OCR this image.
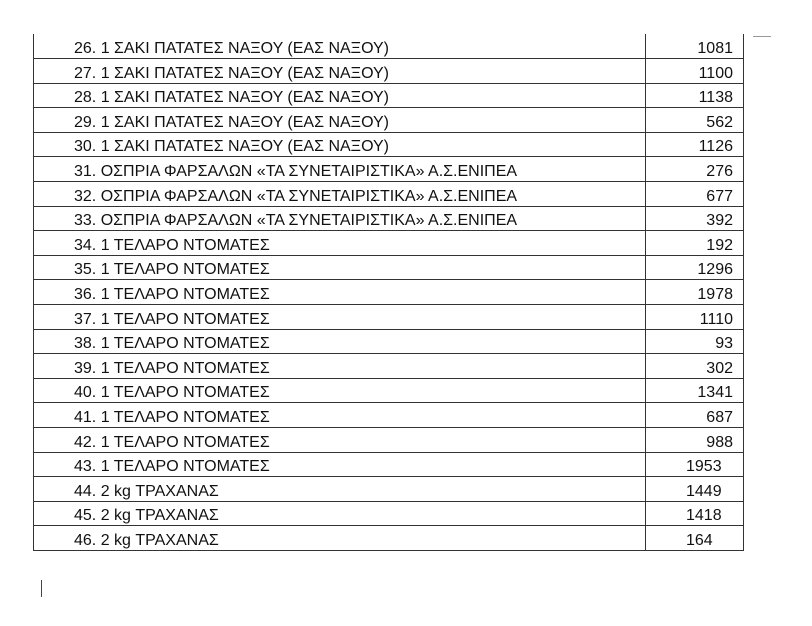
26. 1 ΣΑΚΙ ΠΑΤΑΤΕΣ ΝΑΞΟΥ (ΕΑΣ ΝΑΞΟΥ)	1081
27. 1 ΣΑΚΙ ΠΑΤΑΤΕΣ ΝΑΞΟΥ (ΕΑΣ ΝΑΞΟΥ)	1100
28. 1 ΣΑΚΙ ΠΑΤΑΤΕΣ ΝΑΞΟΥ (ΕΑΣ ΝΑΞΟΥ)	1138
29. 1 ΣΑΚΙ ΠΑΤΑΤΕΣ ΝΑΞΟΥ (ΕΑΣ ΝΑΞΟΥ)	562
30. 1 ΣΑΚΙ ΠΑΤΑΤΕΣ ΝΑΞΟΥ (ΕΑΣ ΝΑΞΟΥ)	1126
31. ΟΣΠΡΙΑ ΦΑΡΣΑΛΩΝ «ΤΑ ΣΥΝΕΤΑΙΡΙΣΤΙΚΑ» Α.Σ.ΕΝΙΠΕΑ	276
32. ΟΣΠΡΙΑ ΦΑΡΣΑΛΩΝ «ΤΑ ΣΥΝΕΤΑΙΡΙΣΤΙΚΑ» Α.Σ.ΕΝΙΠΕΑ	677
33. ΟΣΠΡΙΑ ΦΑΡΣΑΛΩΝ «ΤΑ ΣΥΝΕΤΑΙΡΙΣΤΙΚΑ» Α.Σ.ΕΝΙΠΕΑ	392
34. 1 ΤΕΛΑΡΟ ΝΤΟΜΑΤΕΣ	192
35. 1 ΤΕΛΑΡΟ ΝΤΟΜΑΤΕΣ	1296
36. 1 ΤΕΛΑΡΟ ΝΤΟΜΑΤΕΣ	1978
37. 1 ΤΕΛΑΡΟ ΝΤΟΜΑΤΕΣ	1110
38. 1 ΤΕΛΑΡΟ ΝΤΟΜΑΤΕΣ	93
39. 1 ΤΕΛΑΡΟ ΝΤΟΜΑΤΕΣ	302
40. 1 ΤΕΛΑΡΟ ΝΤΟΜΑΤΕΣ	1341
41. 1 ΤΕΛΑΡΟ ΝΤΟΜΑΤΕΣ	687
42. 1 ΤΕΛΑΡΟ ΝΤΟΜΑΤΕΣ	988
43. 1 ΤΕΛΑΡΟ ΝΤΟΜΑΤΕΣ	1953
44. 2 kg ΤΡΑΧΑΝΑΣ	1449
45. 2 kg ΤΡΑΧΑΝΑΣ	1418
46. 2 kg ΤΡΑΧΑΝΑΣ	164
